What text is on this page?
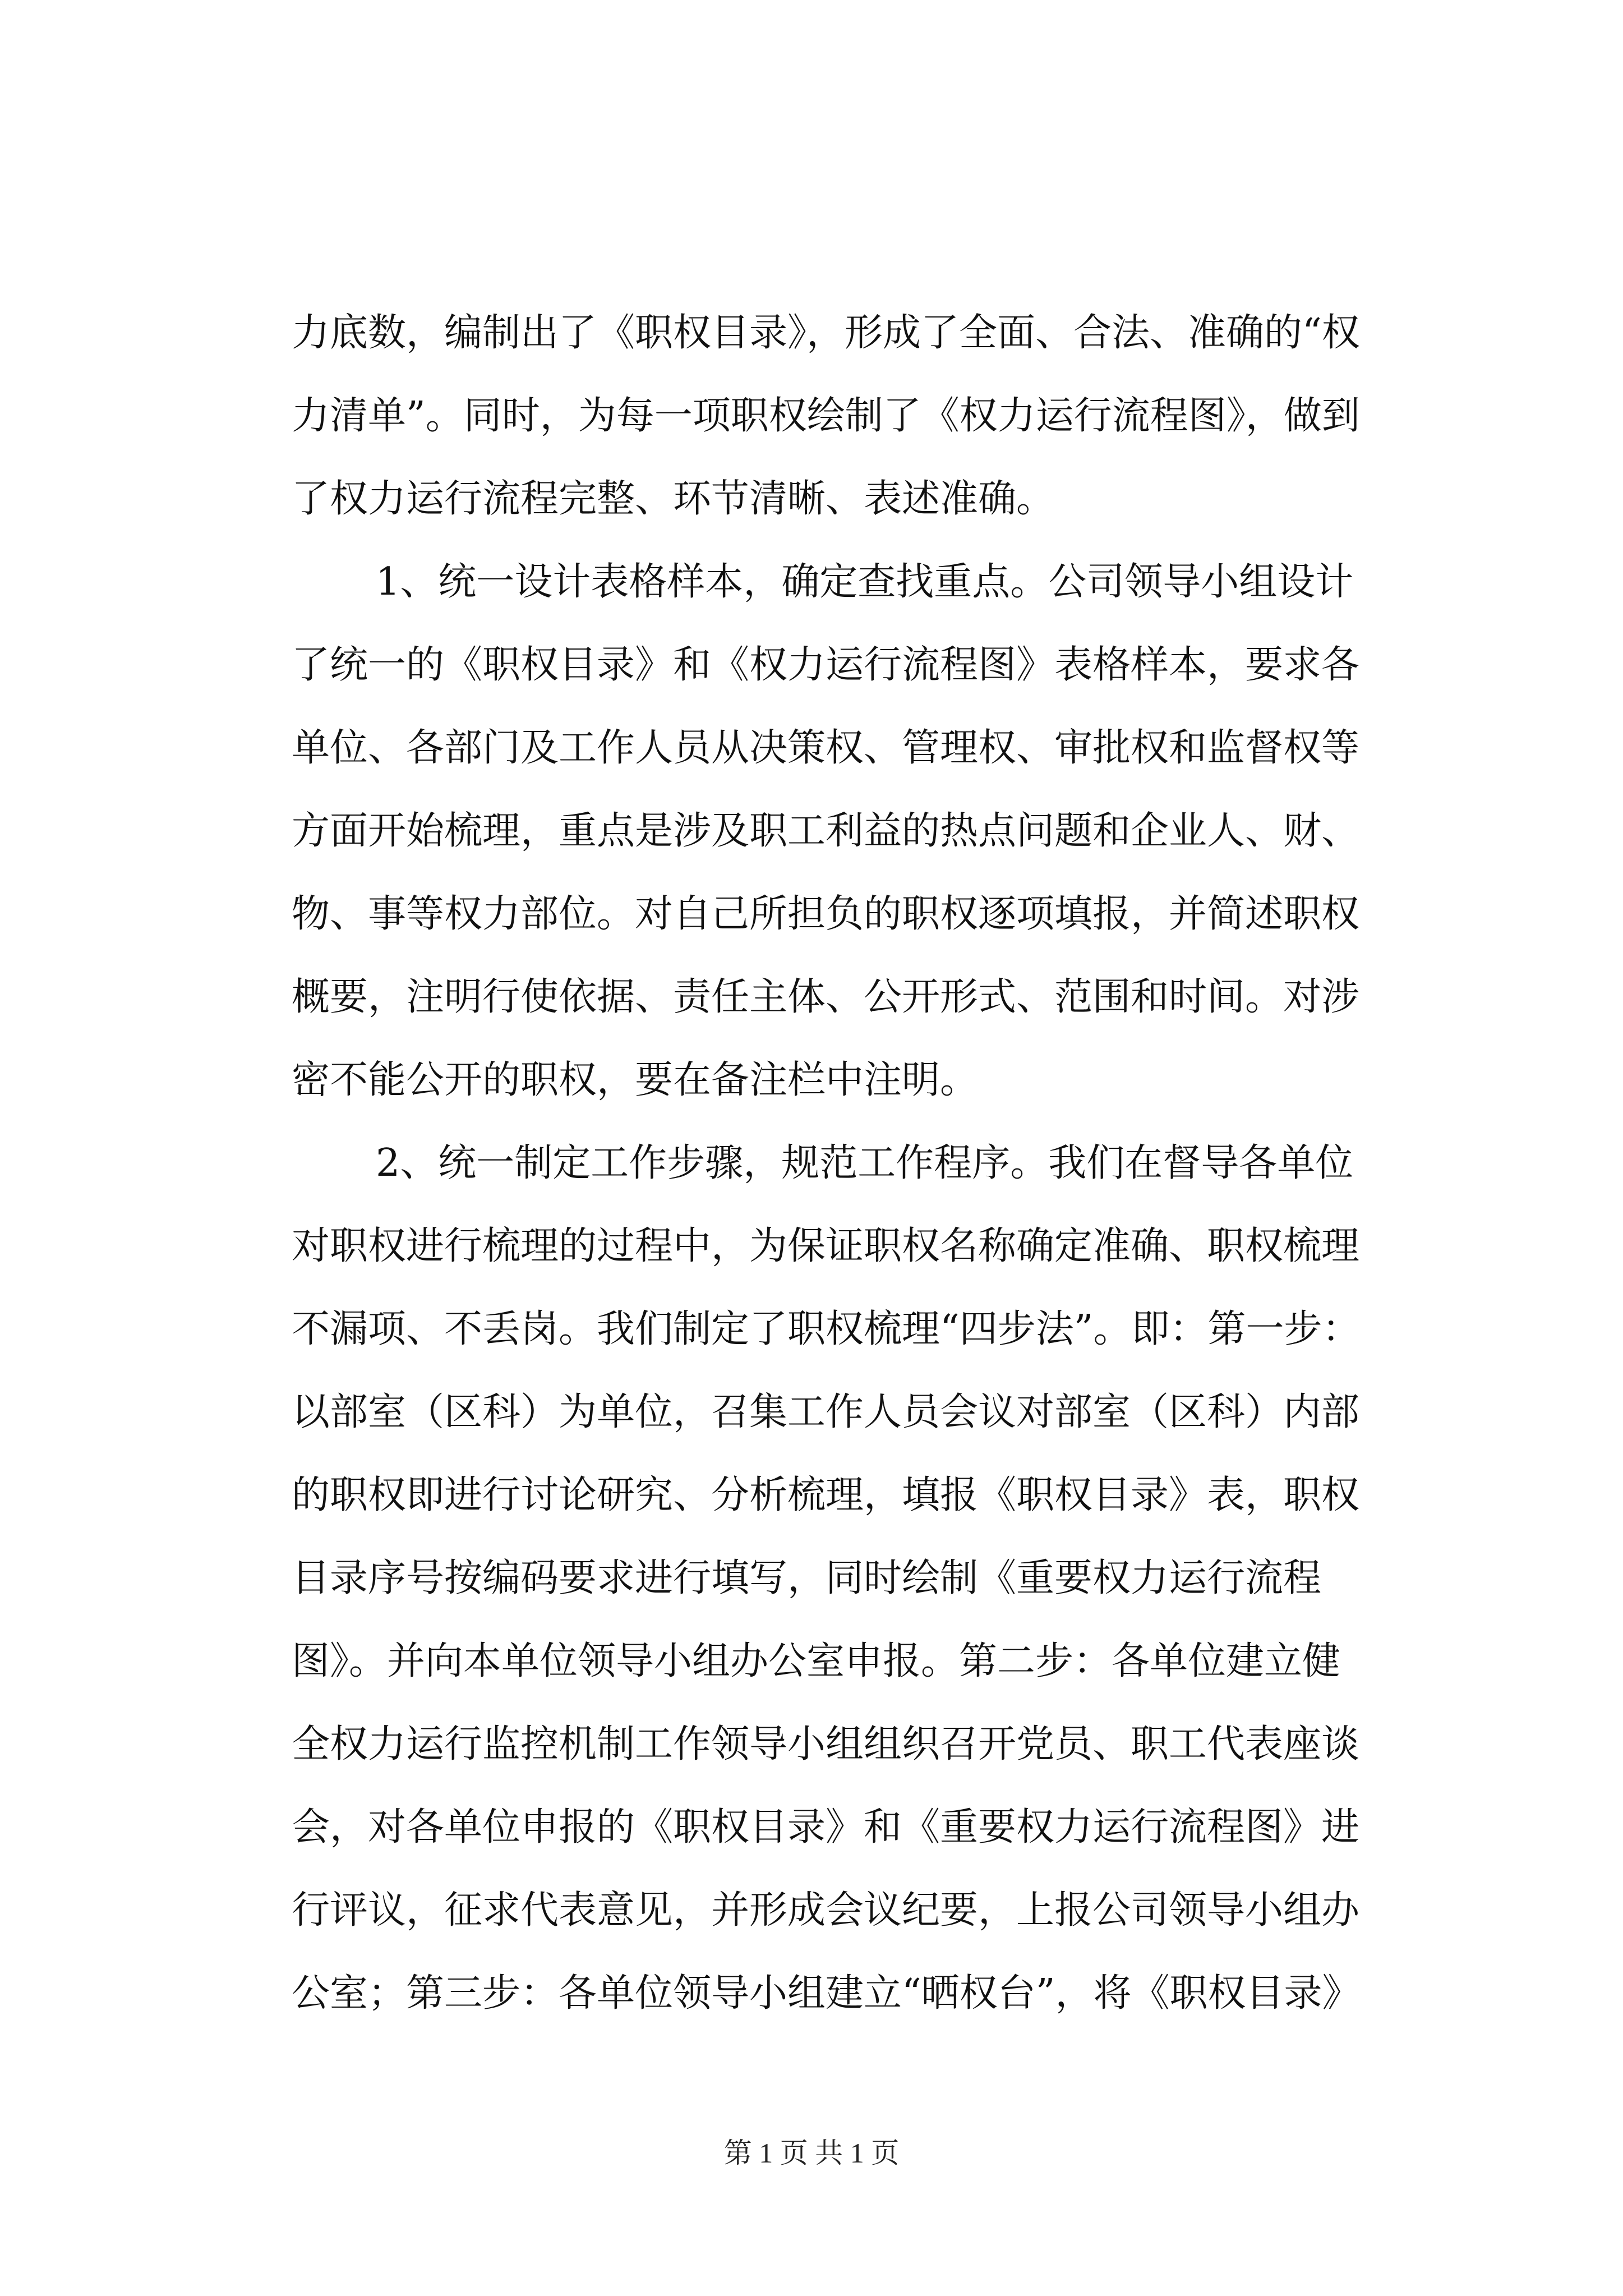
力底数，编制出了《职权目录》，形成了全面、合法、准确的“权
力清单”。同时，为每一项职权绘制了《权力运行流程图》，做到
了权力运行流程完整、环节清晰、表述准确。
1、统一设计表格样本，确定查找重点。公司领导小组设计
了统一的《职权目录》和《权力运行流程图》表格样本，要求各
单位、各部门及工作人员从决策权、管理权、审批权和监督权等
方面开始梳理，重点是涉及职工利益的热点问题和企业人、财、
物、事等权力部位。对自己所担负的职权逐项填报，并简述职权
概要，注明行使依据、责任主体、公开形式、范围和时间。对涉
密不能公开的职权，要在备注栏中注明。
2、统一制定工作步骤，规范工作程序。我们在督导各单位
对职权进行梳理的过程中，为保证职权名称确定准确、职权梳理
不漏项、不丢岗。我们制定了职权梳理“四步法”。即：第一步：
以部室（区科）为单位，召集工作人员会议对部室（区科）内部
的职权即进行讨论研究、分析梳理，填报《职权目录》表，职权
目录序号按编码要求进行填写，同时绘制《重要权力运行流程
图》。并向本单位领导小组办公室申报。第二步：各单位建立健
全权力运行监控机制工作领导小组组织召开党员、职工代表座谈
会，对各单位申报的《职权目录》和《重要权力运行流程图》进
行评议，征求代表意见，并形成会议纪要，上报公司领导小组办
公室；第三步：各单位领导小组建立“晒权台”，将《职权目录》
第 1 页 共 1 页
